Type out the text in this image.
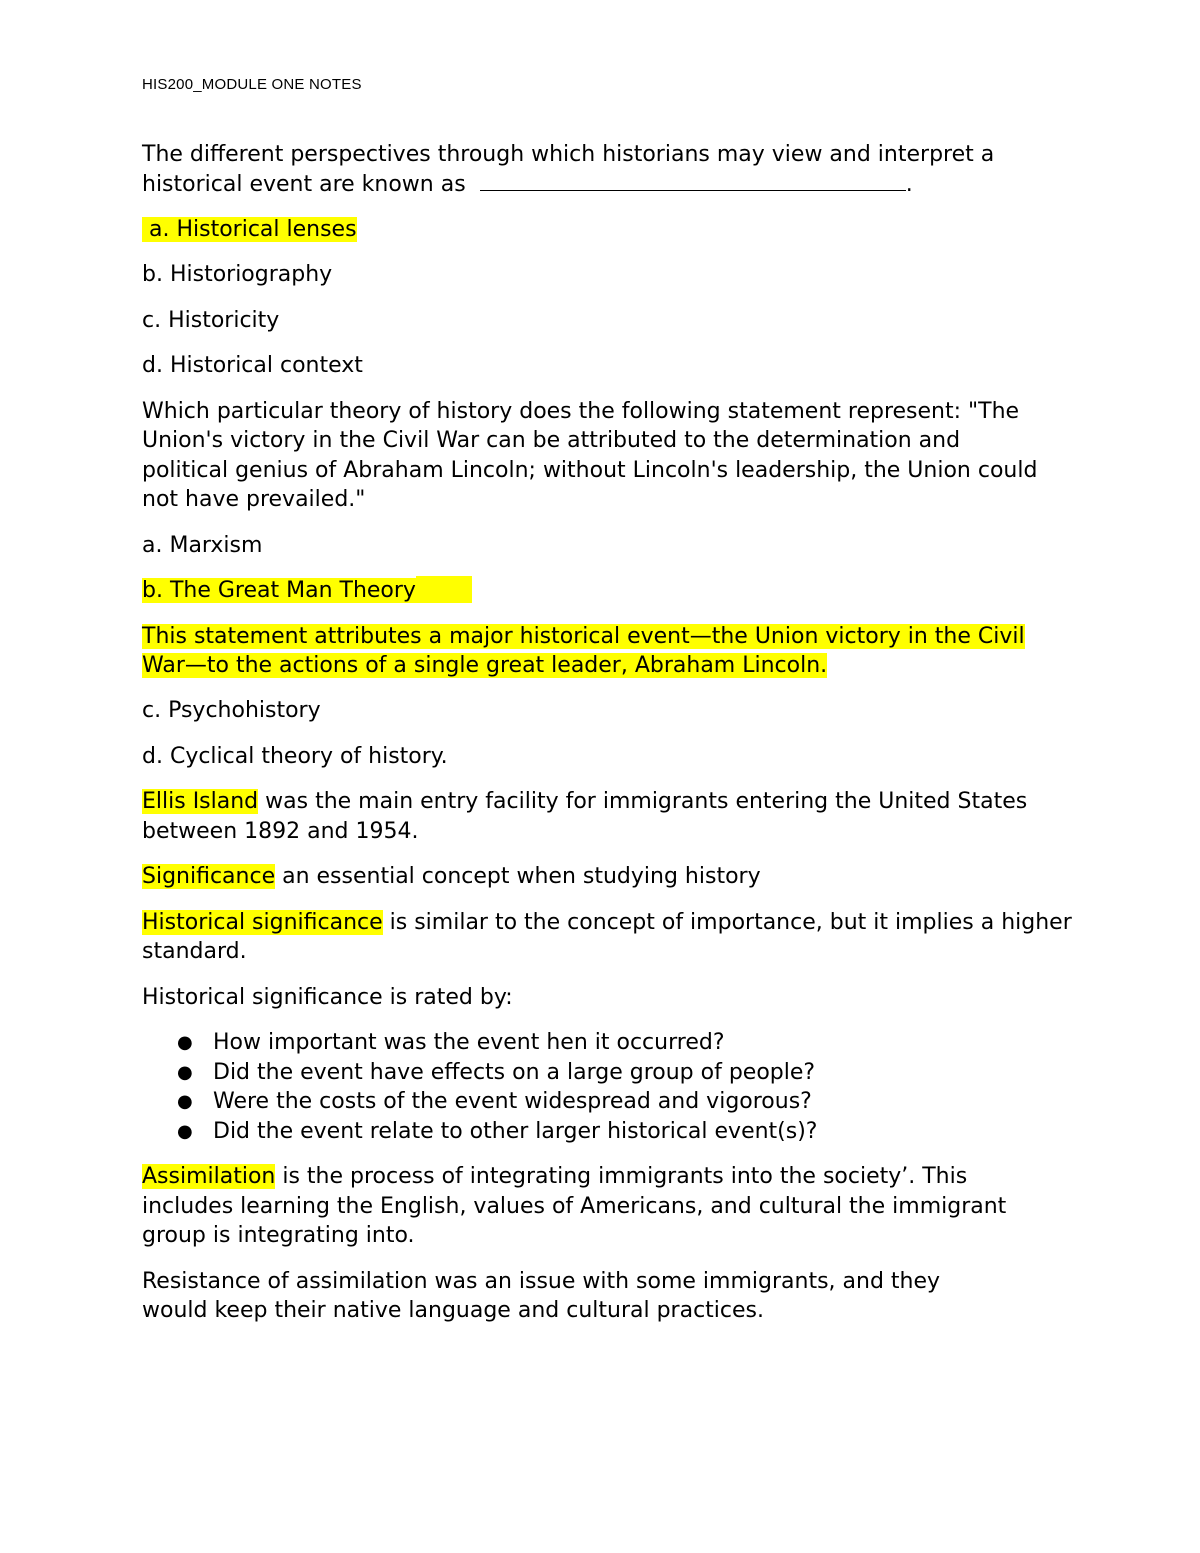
HIS200_MODULE ONE NOTES

The different perspectives through which historians may view and interpret a
historical event are known as	.

a. Historical lenses

b. Historiography

c. Historicity

d. Historical context

Which particular theory of history does the following statement represent: "The Union's victory in the Civil War can be attributed to the determination and political genius of Abraham Lincoln; without Lincoln's leadership, the Union could not have prevailed."

a. Marxism

b. The Great Man Theory

This statement attributes a major historical event—the Union victory in the Civil War—to the actions of a single great leader, Abraham Lincoln.

c. Psychohistory

d. Cyclical theory of history.

Ellis Island was the main entry facility for immigrants entering the United States between 1892 and 1954.

Significance an essential concept when studying history

Historical significance is similar to the concept of importance, but it implies a higher standard.

Historical significance is rated by:

● How important was the event hen it occurred?
● Did the event have effects on a large group of people?
● Were the costs of the event widespread and vigorous?
● Did the event relate to other larger historical event(s)?

Assimilation is the process of integrating immigrants into the society’. This includes learning the English, values of Americans, and cultural the immigrant group is integrating into.

Resistance of assimilation was an issue with some immigrants, and they would keep their native language and cultural practices.
